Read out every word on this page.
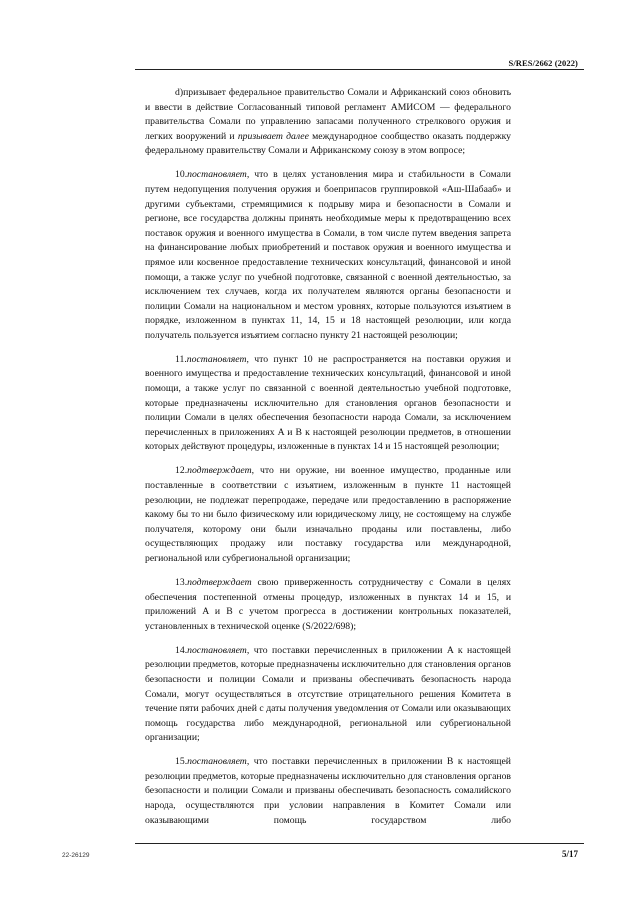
S/RES/2662 (2022)

d)призывает федеральное правительство Сомали и Африканский союз обновить и ввести в действие Согласованный типовой регламент АМИСОМ — федерального правительства Сомали по управлению запасами полученного стрелкового оружия и легких вооружений и призывает далее международное сообщество оказать поддержку федеральному правительству Сомали и Африканскому союзу в этом вопросе;

10.постановляет, что в целях установления мира и стабильности в Сомали путем недопущения получения оружия и боеприпасов группировкой «Аш-Шабааб» и другими субъектами, стремящимися к подрыву мира и безопасности в Сомали и регионе, все государства должны принять необходимые меры к предотвращению всех поставок оружия и военного имущества в Сомали, в том числе путем введения запрета на финансирование любых приобретений и поставок оружия и военного имущества и прямое или косвенное предоставление технических консультаций, финансовой и иной помощи, а также услуг по учебной подготовке, связанной с военной деятельностью, за исключением тех случаев, когда их получателем являются органы безопасности и полиции Сомали на национальном и местом уровнях, которые пользуются изъятием в порядке, изложенном в пунктах 11, 14, 15 и 18 настоящей резолюции, или когда получатель пользуется изъятием согласно пункту 21 настоящей резолюции;

11.постановляет, что пункт 10 не распространяется на поставки оружия и военного имущества и предоставление технических консультаций, финансовой и иной помощи, а также услуг по связанной с военной деятельностью учебной подготовке, которые предназначены исключительно для становления органов безопасности и полиции Сомали в целях обеспечения безопасности народа Сомали, за исключением перечисленных в приложениях A и B к настоящей резолюции предметов, в отношении которых действуют процедуры, изложенные в пунктах 14 и 15 настоящей резолюции;

12.подтверждает, что ни оружие, ни военное имущество, проданные или поставленные в соответствии с изъятием, изложенным в пункте 11 настоящей резолюции, не подлежат перепродаже, передаче или предоставлению в распоряжение какому бы то ни было физическому или юридическому лицу, не состоящему на службе получателя, которому они были изначально проданы или поставлены, либо осуществляющих продажу или поставку государства или международной, региональной или субрегиональной организации;

13.подтверждает свою приверженность сотрудничеству с Сомали в целях обеспечения постепенной отмены процедур, изложенных в пунктах 14 и 15, и приложений A и B с учетом прогресса в достижении контрольных показателей, установленных в технической оценке (S/2022/698);

14.постановляет, что поставки перечисленных в приложении A к настоящей резолюции предметов, которые предназначены исключительно для становления органов безопасности и полиции Сомали и призваны обеспечивать безопасность народа Сомали, могут осуществляться в отсутствие отрицательного решения Комитета в течение пяти рабочих дней с даты получения уведомления от Сомали или оказывающих помощь государства либо международной, региональной или субрегиональной организации;

15.постановляет, что поставки перечисленных в приложении B к настоящей резолюции предметов, которые предназначены исключительно для становления органов безопасности и полиции Сомали и призваны обеспечивать безопасность сомалийского народа, осуществляются при условии направления в Комитет Сомали или оказывающими помощь государством либо

22-26129	5/17
